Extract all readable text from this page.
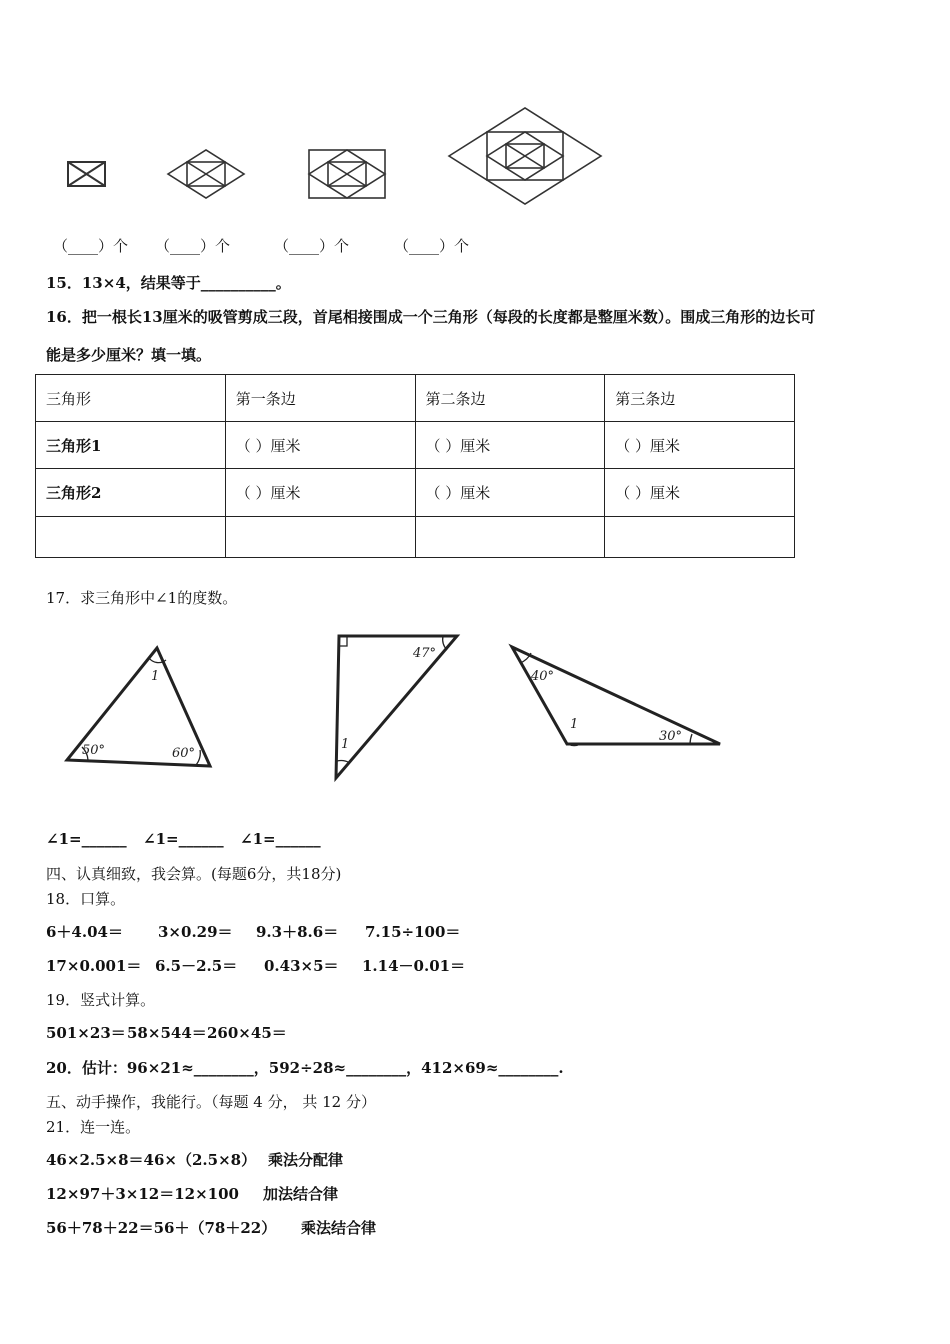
（____）个 （____）个	（____）个	（____）个
15．13×4，结果等于__________。
16．把一根长13厘米的吸管剪成三段，首尾相接围成一个三角形（每段的长度都是整厘米数）。围成三角形的边长可
能是多少厘米？填一填。
三角形	第一条边	第二条边	第三条边
三角形1	（ ）厘米	（ ）厘米	（ ）厘米
三角形2	（ ）厘米	（ ）厘米	（ ）厘米

17．求三角形中∠1的度数。
1
50°	60°
47°
1
40°
1
30°
∠1=______ ∠1=______ ∠1=______
四、认真细致，我会算。(每题6分，共18分)
18．口算。
6＋4.04＝ 3×0.29＝ 9.3＋8.6＝ 7.15÷100＝
17×0.001＝ 6.5－2.5＝ 0.43×5＝ 1.14－0.01＝
19．竖式计算。
501×23＝ 58×544＝ 260×45＝
20．估计：96×21≈________，592÷28≈________，412×69≈________.
五、动手操作，我能行。（每题 4 分， 共 12 分）
21．连一连。
46×2.5×8＝46×（2.5×8） 乘法分配律
12×97＋3×12＝12×100 加法结合律
56＋78＋22＝56＋（78＋22） 乘法结合律
